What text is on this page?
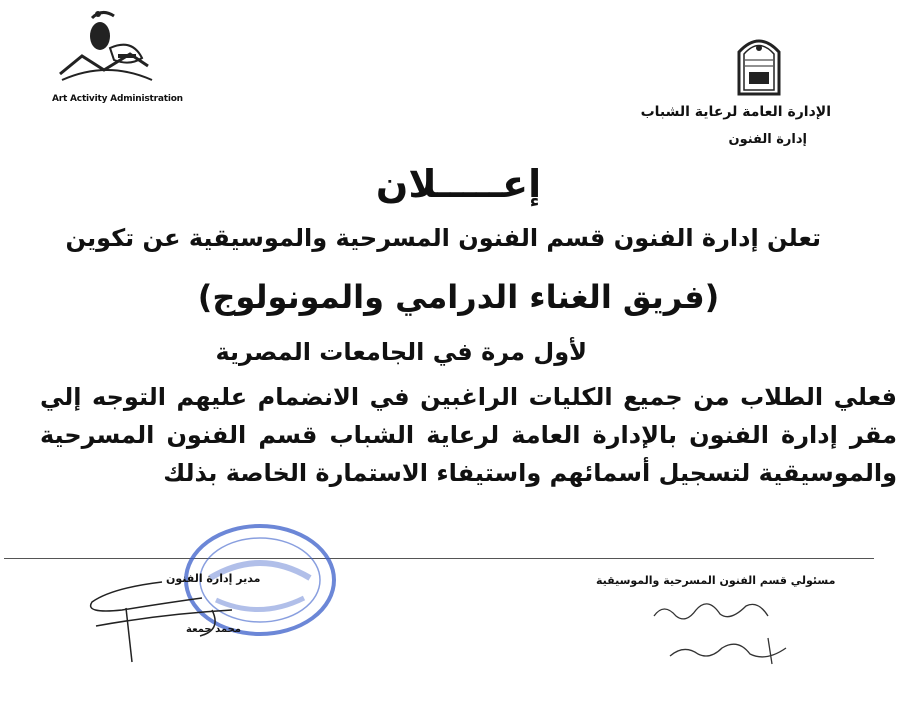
Art Activity Administration
الإدارة العامة لرعاية الشباب
إدارة الفنون
إعـــــلان
تعلن إدارة الفنون قسم الفنون المسرحية والموسيقية عن تكوين
(فريق الغناء الدرامي والمونولوج)
لأول مرة في الجامعات المصرية
فعلي الطلاب من جميع الكليات الراغبين في الانضمام عليهم التوجه إلي مقر إدارة الفنون بالإدارة العامة لرعاية الشباب قسم الفنون المسرحية والموسيقية لتسجيل أسمائهم واستيفاء الاستمارة الخاصة بذلك
مدير إدارة الفنون
محمد جمعة
مسئولي قسم الفنون المسرحية والموسيقية
